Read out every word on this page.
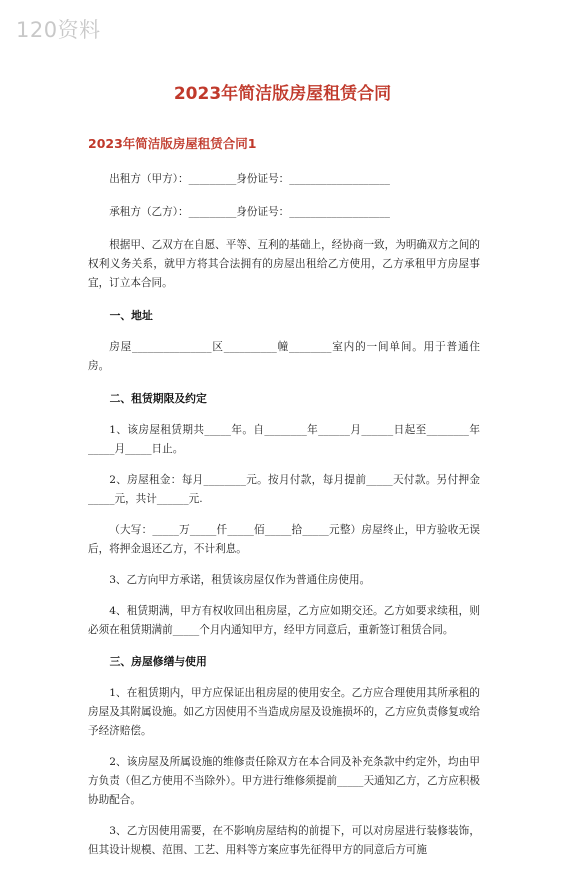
120资料
2023年简洁版房屋租赁合同
2023年简洁版房屋租赁合同1

出租方（甲方）：_________身份证号：___________________

承租方（乙方）：_________身份证号：___________________

根据甲、乙双方在自愿、平等、互利的基础上，经协商一致，为明确双方之间的权利义务关系，就甲方将其合法拥有的房屋出租给乙方使用，乙方承租甲方房屋事宜，订立本合同。

一、地址

房屋_______________区__________幢________室内的一间单间。用于普通住房。

二、租赁期限及约定

1、该房屋租赁期共_____年。自________年______月______日起至________年_____月_____日止。

2、房屋租金：每月________元。按月付款，每月提前_____天付款。另付押金_____元，共计______元.

（大写：_____万_____仟_____佰_____拾_____元整）房屋终止，甲方验收无误后，将押金退还乙方，不计利息。

3、乙方向甲方承诺，租赁该房屋仅作为普通住房使用。

4、租赁期满，甲方有权收回出租房屋，乙方应如期交还。乙方如要求续租，则必须在租赁期满前_____个月内通知甲方，经甲方同意后，重新签订租赁合同。

三、房屋修缮与使用

1、在租赁期内，甲方应保证出租房屋的使用安全。乙方应合理使用其所承租的房屋及其附属设施。如乙方因使用不当造成房屋及设施损坏的，乙方应负责修复或给予经济赔偿。

2、该房屋及所属设施的维修责任除双方在本合同及补充条款中约定外，均由甲方负责（但乙方使用不当除外）。甲方进行维修须提前_____天通知乙方，乙方应积极协助配合。

3、乙方因使用需要，在不影响房屋结构的前提下，可以对房屋进行装修装饰，但其设计规模、范围、工艺、用料等方案应事先征得甲方的同意后方可施
